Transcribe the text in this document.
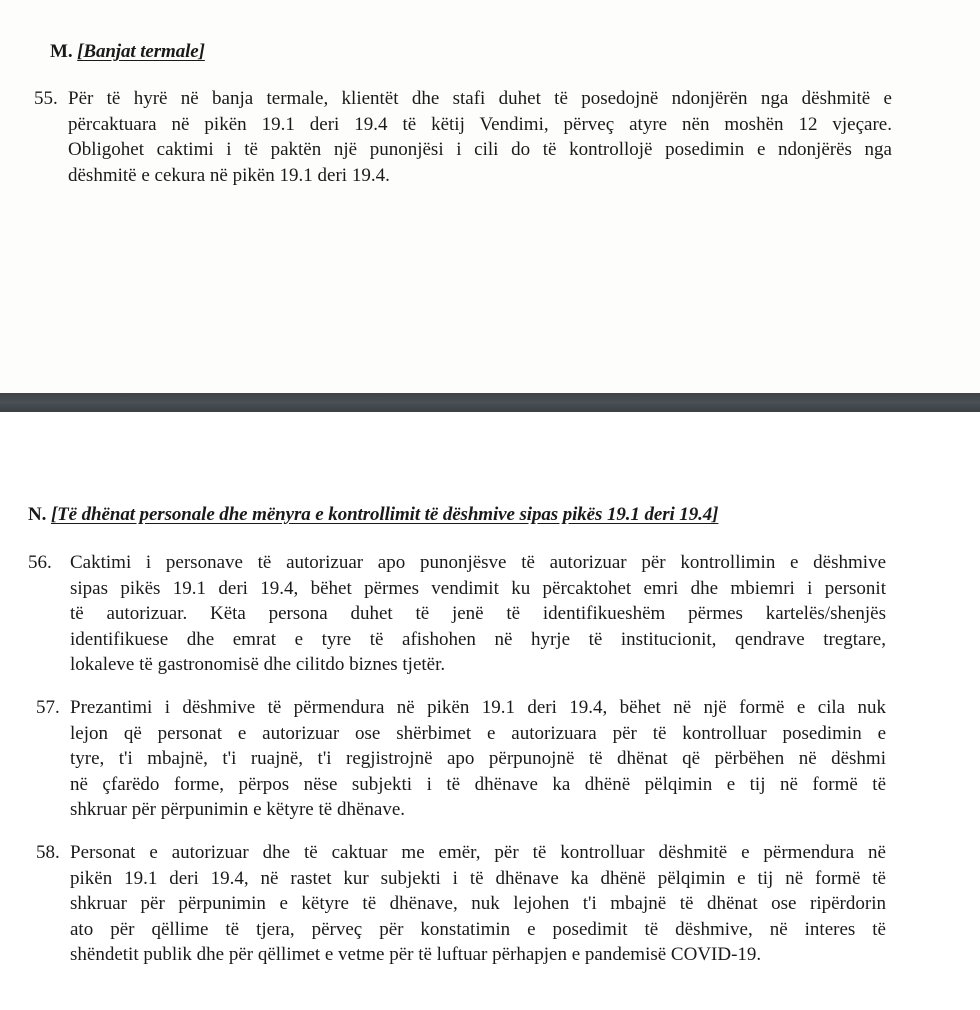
M. [Banjat termale]
55. Për të hyrë në banja termale, klientët dhe stafi duhet të posedojnë ndonjërën nga dëshmitë e
përcaktuara në pikën 19.1 deri 19.4 të këtij Vendimi, përveç atyre nën moshën 12 vjeçare.
Obligohet caktimi i të paktën një punonjësi i cili do të kontrollojë posedimin e ndonjërës nga
dëshmitë e cekura në pikën 19.1 deri 19.4.
N. [Të dhënat personale dhe mënyra e kontrollimit të dëshmive sipas pikës 19.1 deri 19.4]
56. Caktimi i personave të autorizuar apo punonjësve të autorizuar për kontrollimin e dëshmive
sipas pikës 19.1 deri 19.4, bëhet përmes vendimit ku përcaktohet emri dhe mbiemri i personit
të autorizuar. Këta persona duhet të jenë të identifikueshëm përmes kartelës/shenjës
identifikuese dhe emrat e tyre të afishohen në hyrje të institucionit, qendrave tregtare,
lokaleve të gastronomisë dhe cilitdo biznes tjetër.
57. Prezantimi i dëshmive të përmendura në pikën 19.1 deri 19.4, bëhet në një formë e cila nuk
lejon që personat e autorizuar ose shërbimet e autorizuara për të kontrolluar posedimin e
tyre, t'i mbajnë, t'i ruajnë, t'i regjistrojnë apo përpunojnë të dhënat që përbëhen në dëshmi
në çfarëdo forme, përpos nëse subjekti i të dhënave ka dhënë pëlqimin e tij në formë të
shkruar për përpunimin e këtyre të dhënave.
58. Personat e autorizuar dhe të caktuar me emër, për të kontrolluar dëshmitë e përmendura në
pikën 19.1 deri 19.4, në rastet kur subjekti i të dhënave ka dhënë pëlqimin e tij në formë të
shkruar për përpunimin e këtyre të dhënave, nuk lejohen t'i mbajnë të dhënat ose ripërdorin
ato për qëllime të tjera, përveç për konstatimin e posedimit të dëshmive, në interes të
shëndetit publik dhe për qëllimet e vetme për të luftuar përhapjen e pandemisë COVID-19.
